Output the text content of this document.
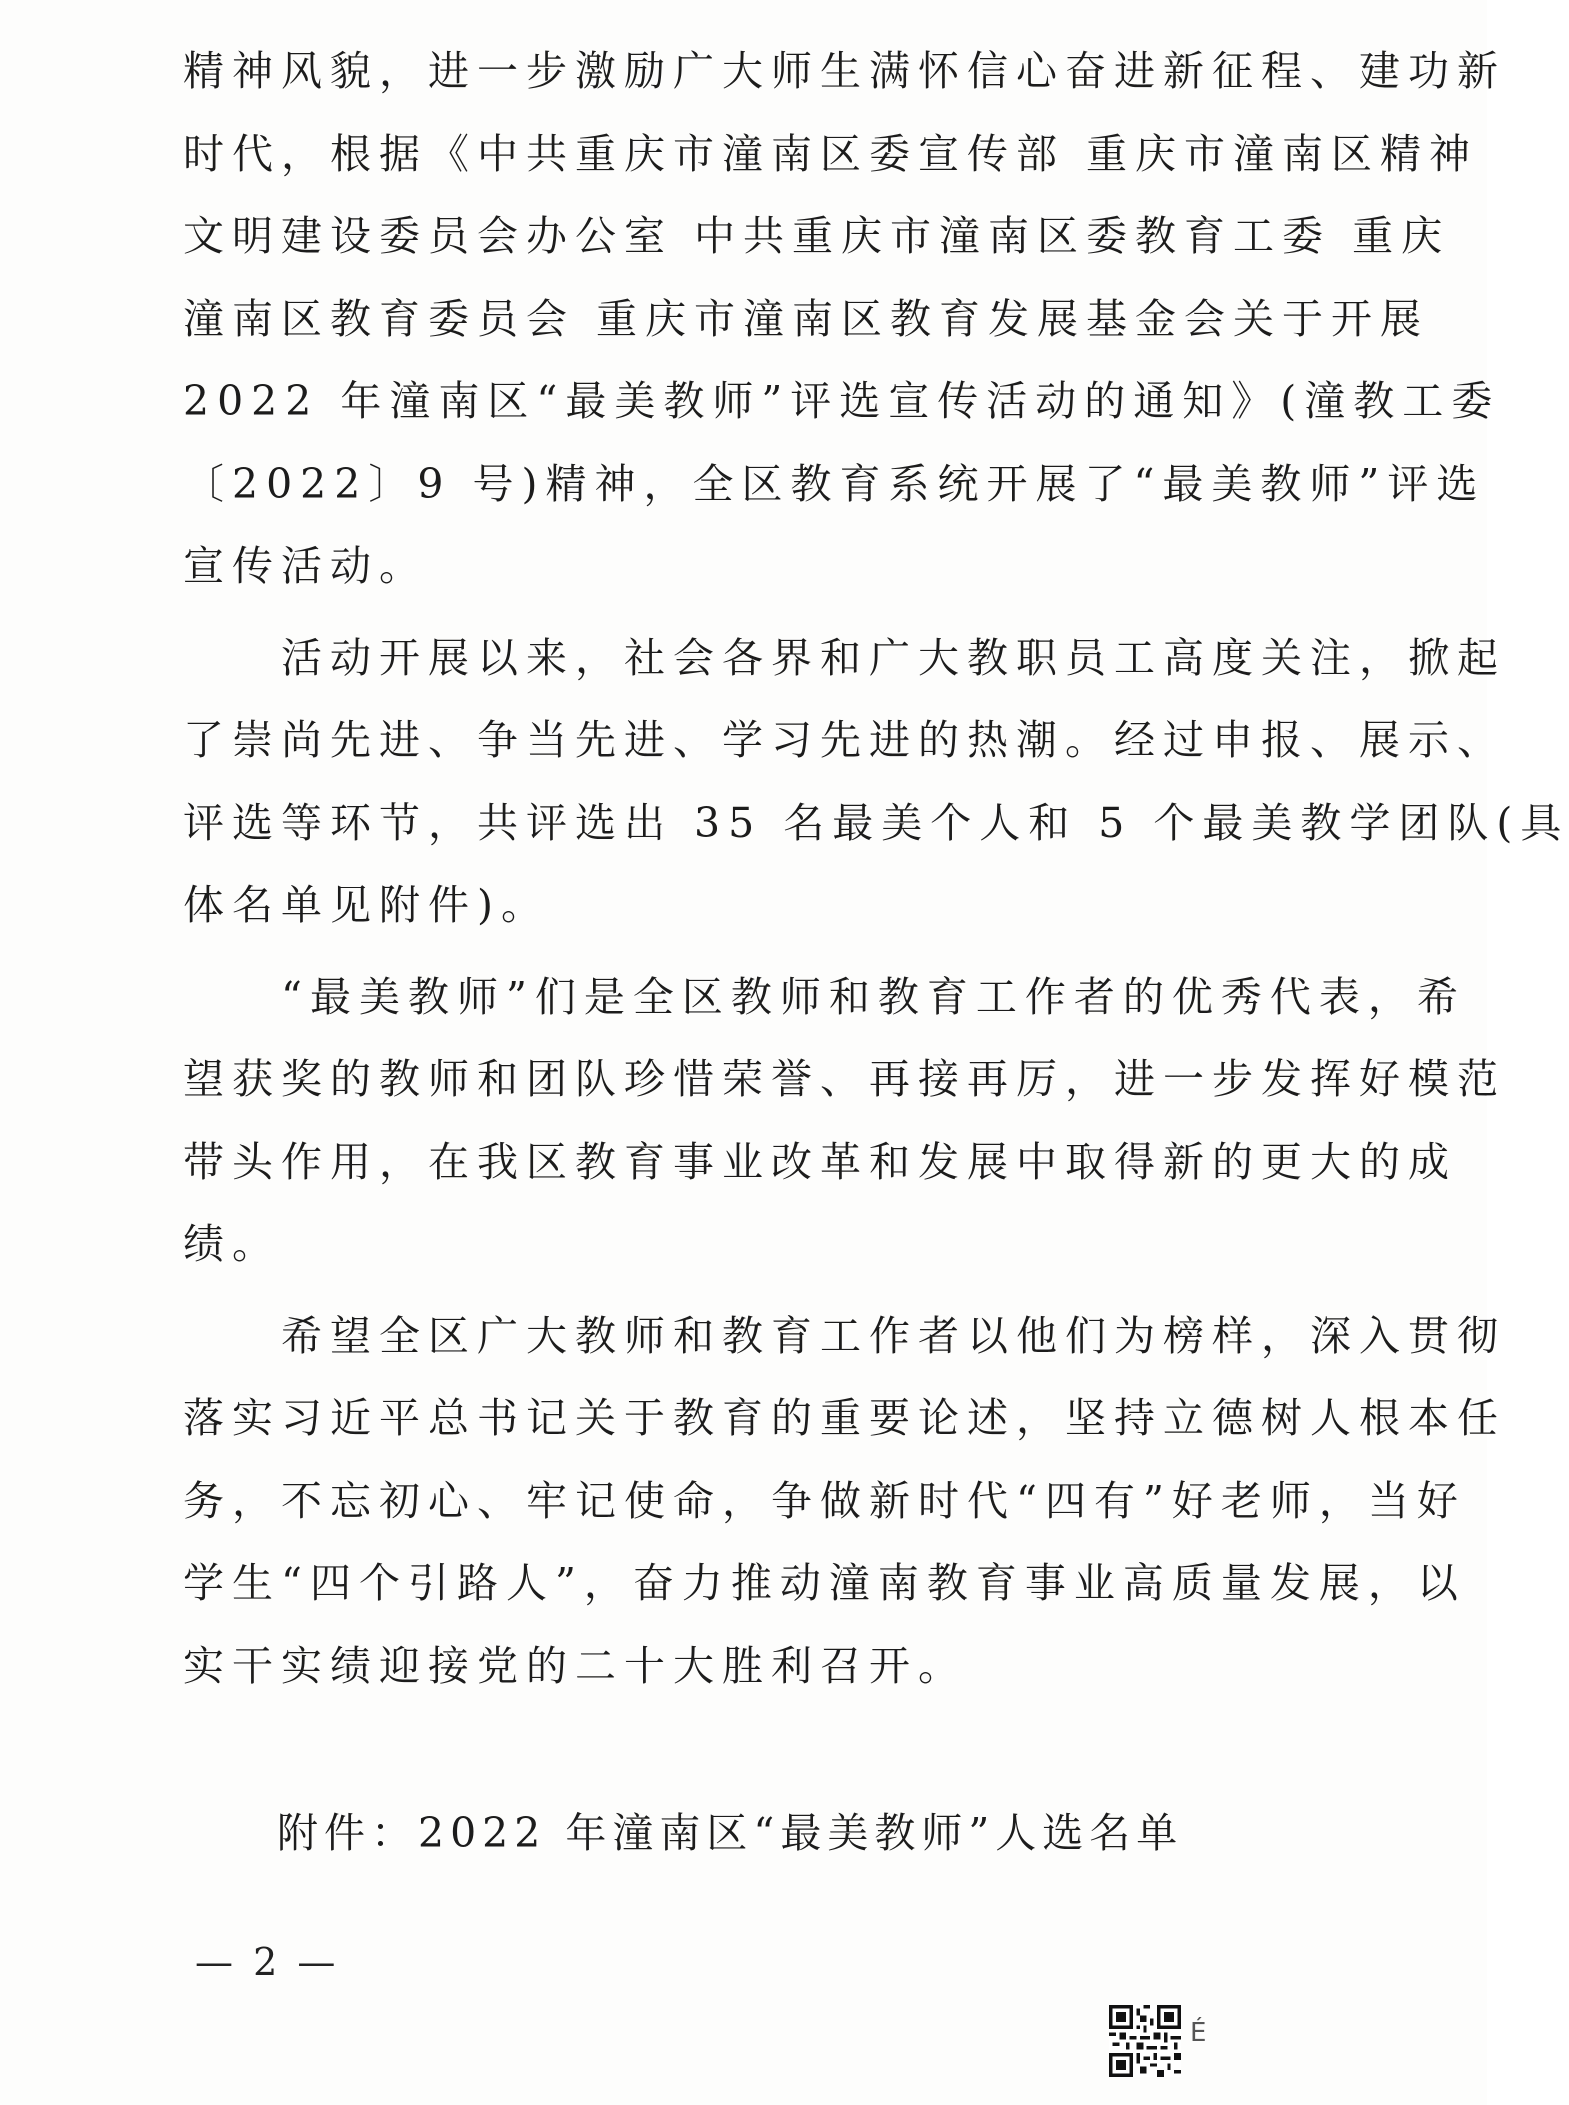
精神风貌，进一步激励广大师生满怀信心奋进新征程、建功新
时代，根据《中共重庆市潼南区委宣传部 重庆市潼南区精神
文明建设委员会办公室 中共重庆市潼南区委教育工委 重庆
潼南区教育委员会 重庆市潼南区教育发展基金会关于开展
2022 年潼南区“最美教师”评选宣传活动的通知》(潼教工委
〔2022〕9 号)精神，全区教育系统开展了“最美教师”评选
宣传活动。
活动开展以来，社会各界和广大教职员工高度关注，掀起
了崇尚先进、争当先进、学习先进的热潮。经过申报、展示、
评选等环节，共评选出 35 名最美个人和 5 个最美教学团队(具
体名单见附件)。
“最美教师”们是全区教师和教育工作者的优秀代表，希
望获奖的教师和团队珍惜荣誉、再接再厉，进一步发挥好模范
带头作用，在我区教育事业改革和发展中取得新的更大的成
绩。
希望全区广大教师和教育工作者以他们为榜样，深入贯彻
落实习近平总书记关于教育的重要论述，坚持立德树人根本任
务，不忘初心、牢记使命，争做新时代“四有”好老师，当好
学生“四个引路人”，奋力推动潼南教育事业高质量发展，以
实干实绩迎接党的二十大胜利召开。
附件：2022 年潼南区“最美教师”人选名单
— 2 —
É
